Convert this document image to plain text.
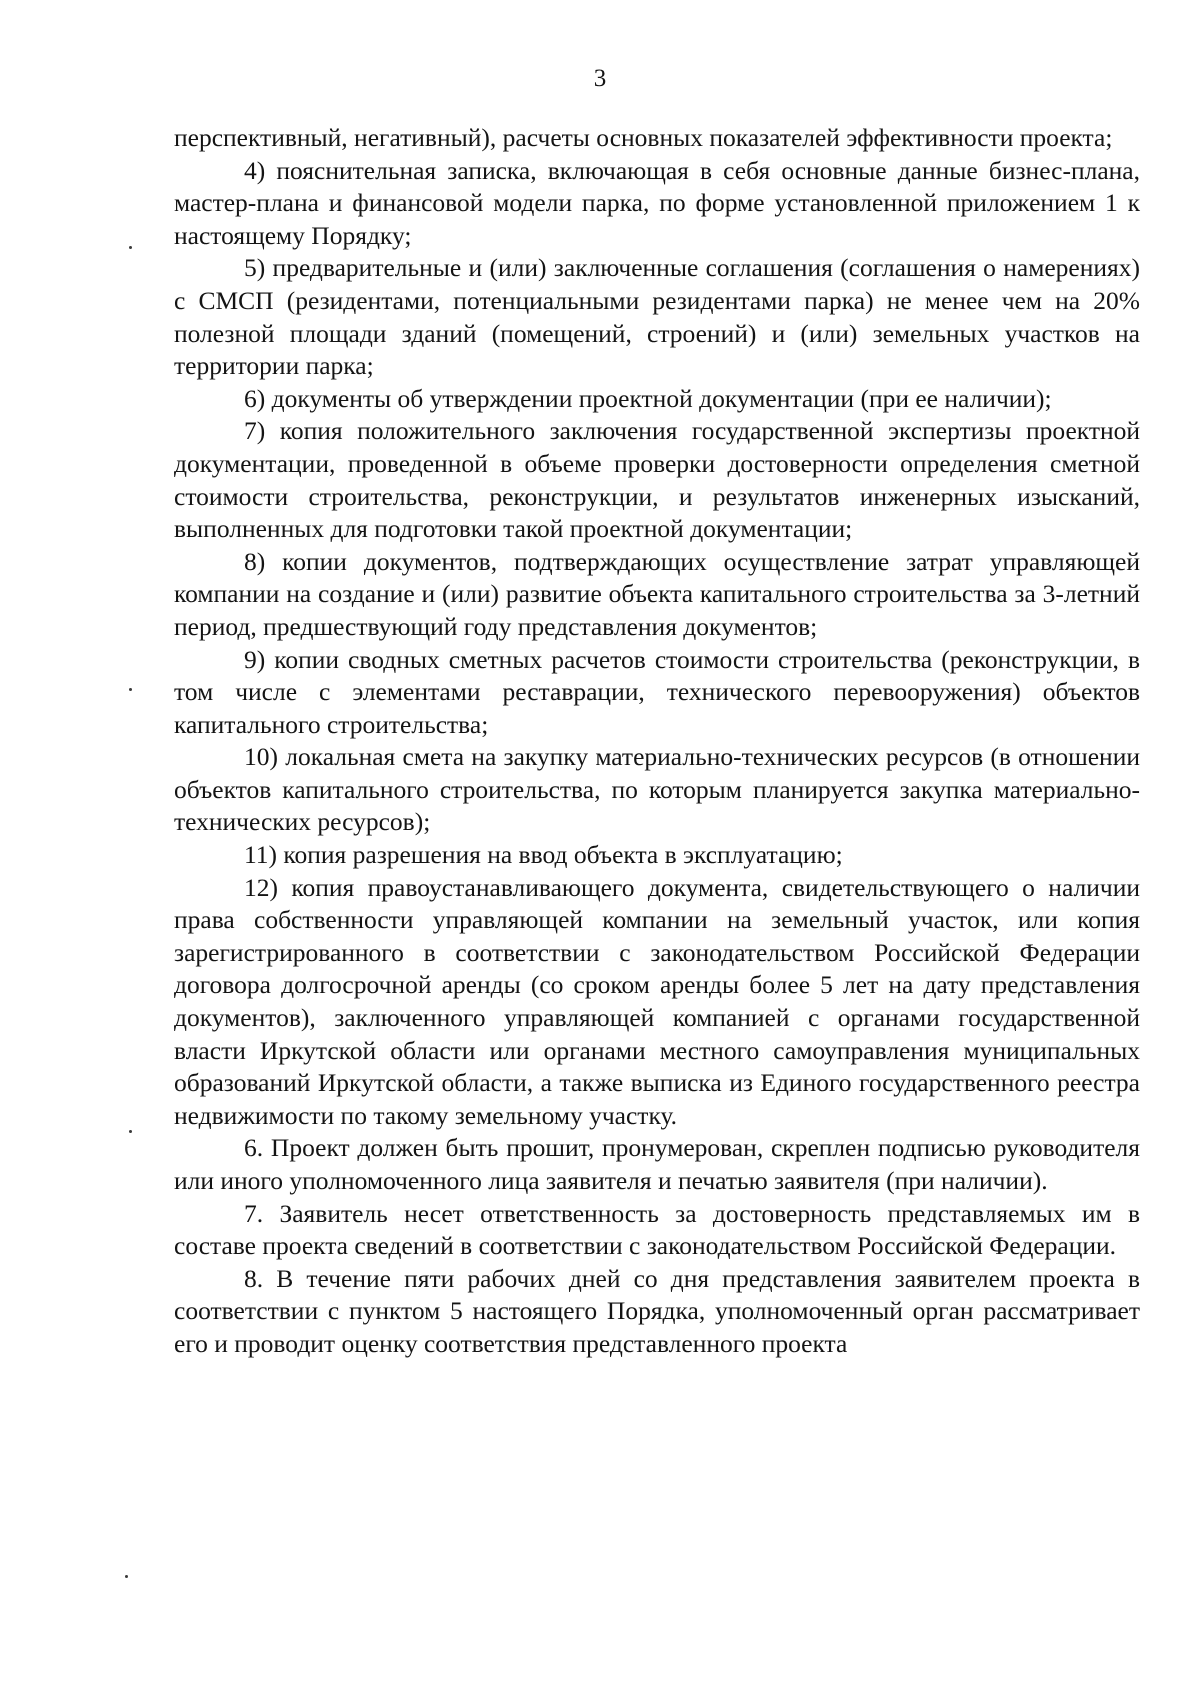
3

перспективный, негативный), расчеты основных показателей эффективности проекта;

4) пояснительная записка, включающая в себя основные данные бизнес-плана, мастер-плана и финансовой модели парка, по форме установленной приложением 1 к настоящему Порядку;

5) предварительные и (или) заключенные соглашения (соглашения о намерениях) с СМСП (резидентами, потенциальными резидентами парка) не менее чем на 20% полезной площади зданий (помещений, строений) и (или) земельных участков на территории парка;

6) документы об утверждении проектной документации (при ее наличии);

7) копия положительного заключения государственной экспертизы проектной документации, проведенной в объеме проверки достоверности определения сметной стоимости строительства, реконструкции, и результатов инженерных изысканий, выполненных для подготовки такой проектной документации;

8) копии документов, подтверждающих осуществление затрат управляющей компании на создание и (или) развитие объекта капитального строительства за 3-летний период, предшествующий году представления документов;

9) копии сводных сметных расчетов стоимости строительства (реконструкции, в том числе с элементами реставрации, технического перевооружения) объектов капитального строительства;

10) локальная смета на закупку материально-технических ресурсов (в отношении объектов капитального строительства, по которым планируется закупка материально-технических ресурсов);

11) копия разрешения на ввод объекта в эксплуатацию;

12) копия правоустанавливающего документа, свидетельствующего о наличии права собственности управляющей компании на земельный участок, или копия зарегистрированного в соответствии с законодательством Российской Федерации договора долгосрочной аренды (со сроком аренды более 5 лет на дату представления документов), заключенного управляющей компанией с органами государственной власти Иркутской области или органами местного самоуправления муниципальных образований Иркутской области, а также выписка из Единого государственного реестра недвижимости по такому земельному участку.

6. Проект должен быть прошит, пронумерован, скреплен подписью руководителя или иного уполномоченного лица заявителя и печатью заявителя (при наличии).

7. Заявитель несет ответственность за достоверность представляемых им в составе проекта сведений в соответствии с законодательством Российской Федерации.

8. В течение пяти рабочих дней со дня представления заявителем проекта в соответствии с пунктом 5 настоящего Порядка, уполномоченный орган рассматривает его и проводит оценку соответствия представленного проекта
